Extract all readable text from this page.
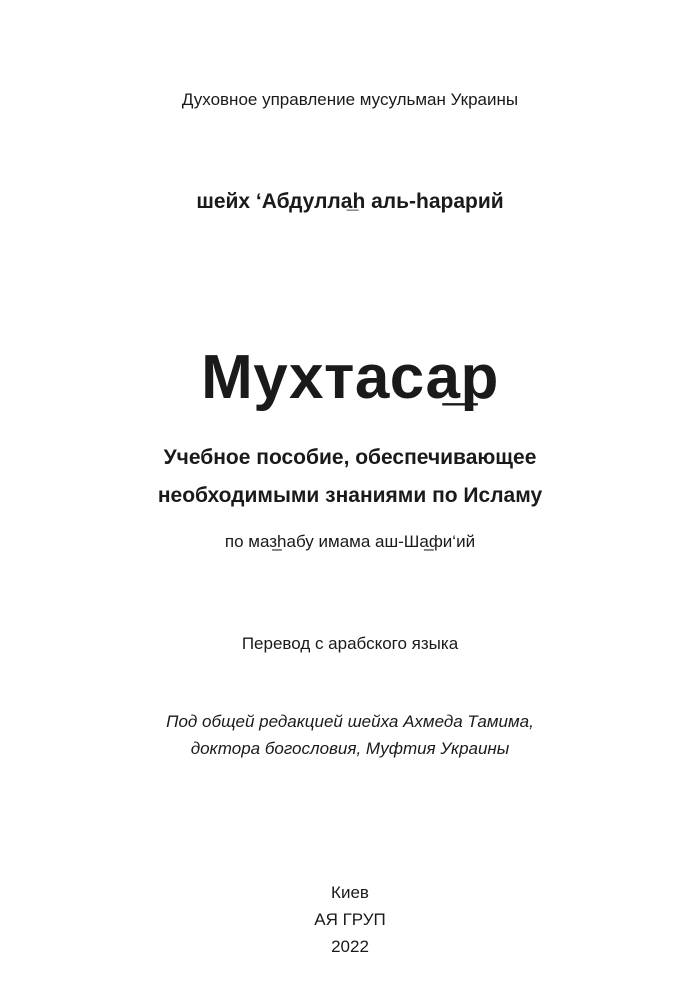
Духовное управление мусульман Украины
шейх ‘Абдулла̲һ аль-һарарий
Мухтаса̲р
Учебное пособие, обеспечивающее
необходимыми знаниями по Исламу
по маз̲һабу имама аш-Ша̲фи‘ий
Перевод с арабского языка
Под общей редакцией шейха Ахмеда Тамима,
доктора богословия, Муфтия Украины
Киев
АЯ ГРУП
2022
